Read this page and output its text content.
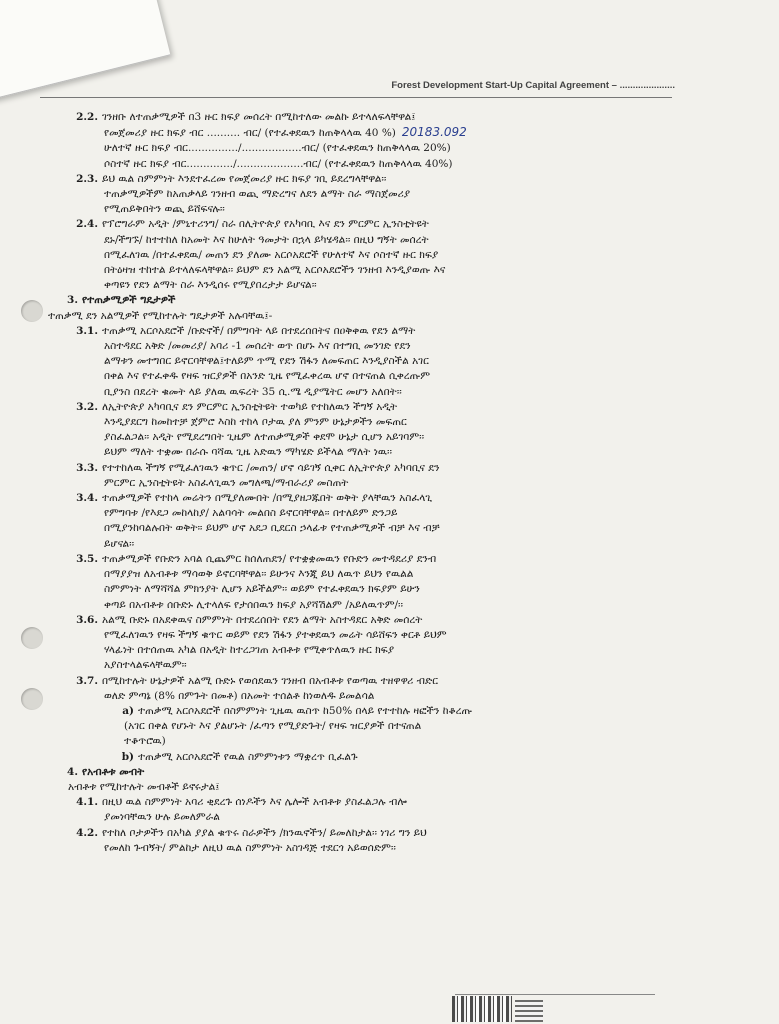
Forest Development Start-Up Capital Agreement – .....................
2.2. ገንዘቡ ለተጠቃሚዎች በ3 ዙር ክፍያ መሰረት በሚከተለው መልኩ ይተላለፍላቸዋል፤
የመጀመሪያ ዙር ክፍያ ብር .......... ብር/ (የተፈቀደዉን ከጠቅላላዉ 40 %) 20183.092
ሁለተኛ ዙር ክፍያ ብር.............../..................ብር/ (የተፈቀደዉን ከጠቅላላዉ 20%)
ሶስተኛ ዙር ክፍያ ብር............../....................ብር/ (የተፈቀደዉን ከጠቅላላዉ 40%)
2.3. ይህ ዉል ስምምነት እንደተፈረመ የመጀመሪያ ዙር ክፍያ ገቢ ይደረግላቸዋል፡፡
ተጠቃሚዎችም ከአጠቃላይ ገንዘብ ወጪ ማድረግና ለደን ልማት ስራ ማስጀመሪያ
የሚጠይቅበትን ወጪ ይሸፍናሉ፡፡
2.4. የፕሮግራም አዲት /ምኒተሪንግ/ ስራ በሊትዮጵያ የአካባቢ እና ደን ምርምር ኢንስቲትዩት
ደኑ/ችግኙ/ ከተተከለ ከአመት እና ከሁለት ዓመታት በኋላ ይካሄዳል፡፡ በዚህ ግኝት መሰረት
በሚፈለገዉ /በተፈቀደዉ/ መጠን ደን ያለሙ አርሶአደሮች የሁለተኛ እና ሶስተኛ ዙር ክፍያ
በትዕዛዝ ተከተል ይተላለፍላቸዋል፡፡ ይህም ደን አልሚ አርሶአደሮችን ገንዘብ እንዲያወጡ እና
ቀጣዩን የደን ልማት ስራ እንዲሰሩ የሚያበረታታ ይሆናል፡፡
3. የተጠቃሚዎች ግዴታዎች
ተጠቃሚ ደን አልሚዎች የሚከተሉት ግዴታዎች አሉባቸዉ፤-
3.1. ተጠቃሚ አርሶአደሮች /ቡድኖች/ በምግባት ላይ በተደረሰበትና በዐቅቀዉ የደን ልማት
አስተዳደር አቅድ /መመሪያ/ አባሪ -1 መሰረት ወጥ በሆኑ እና በተግቢ መንገድ የደን
ልማቱን መተግበር ይኖርባቸዋል፤ተለይም ጥሚ የደን ሽፋን ለመፍጠር እንዲያስችል አገር
በቀል እና የተፈቀዱ የዛፍ ዝርያዎች በአንድ ጊዜ የሚፈቀረዉ ሆኖ በተናጠል ሲቀረጡም
ቢያንስ በደረት ቁመት ላይ ያለዉ ዉፍረት 35 ሲ.ሜ ዲያሜትር መሆን አለበት፡፡
3.2. ለኢትዮጵያ አካባቢና ደን ምርምር ኢንስቲትዩት ተወካይ የተከለዉን ችግኝ አዲት
እንዲያደርግ ከመከተቻ ጀምሮ እስከ ተከላ ቦታዉ ያለ ምንም ሁኔታዎችን መፍጠር
ያስፈልጋል፡፡ አዲት የሚደረግበት ጊዜም ለተጠቃሚዎች ቀደሞ ሁኔታ ሲሆን አይገባም፡፡
ይህም ማለት ተቋሙ በራሱ ባሻዉ ጊዜ አድዉን ማካሄድ ይችላል ማለት ነዉ፡፡
3.3. የተተከለዉ ችግኝ የሚፈለገዉን ቁጥር /መጠን/ ሆኖ ሳይገኝ ሲቀር ለኢትዮጵያ አካባቢና ደን
ምርምር ኢንስቲትዩት አስፈላጊዉን መግለጫ/ማብራሪያ መስጠት
3.4. ተጠቃሚዎች የተከላ መሬትን በሚያለሙበት /በሚያዘጋጁበት ወቅት ያላቸዉን አስፈላጊ
የምግባቱ /የእደጋ መከላከያ/ አልባሳት መልበስ ይኖርባቸዋል፡፡ በተለይም ድንጋይ
በሚያንከባልሉበት ወቅት፡፡ ይህም ሆኖ አደጋ ቢደርስ ኃላፊቱ የተጠቃሚዎች ብቻ እና ብቻ
ይሆናል፡፡
3.5. ተጠቃሚዎች የቡድን አባል ሲጨምር ከሰለጠደን/ የተቋቋመዉን የቡድን መተዳደሪያ ደንብ
በማያያዝ ለአብቶቱ ማሳወቅ ይኖርባቸዋል፡፡ ይሁንና እንጂ ይህ ለዉጥ ይህን የዉልል
ስምምነት ለማሻሻል ምክንያት ሊሆን አይችልም፡፡ ወይም የተፈቀደዉን ክፍያም ይሁን
ቀጣይ በአብቶቱ ሰቡድኑ ሊተላለፍ የታሰበዉን ክፍያ አያሻሽልም /አይለዉጥም/፡፡
3.6. አልሚ ቡድኑ በአደቀዉና ስምምነት በተደረሰበት የደን ልማት አስተዳደር አቅድ መሰረት
የሚፈለገዉን የዛፍ ችግኝ ቁጥር ወይም የደን ሽፋን ያተቀደዉን መሬት ሳይሸፍን ቀርቶ ይህም
ሃላፊነት በተሰጠዉ አካል በአዲት ከተረጋገጠ አብቶቱ የሚቀጥለዉን ዙር ክፍያ
አያስተላልፍላቸዉም፡፡
3.7. በሚከተሉት ሁኔታዎች አልሚ ቡድኑ የወሰደዉን ገንዘብ በአብቶቱ የወጣዉ ተዘዋዋሪ ብድር
ወለድ ምጣኔ (8% በምጉት በመቶ) በአመት ተሰልቶ ከነወለዱ ይመልሳል
a) ተጠቃሚ አርሶአደሮች በስምምነት ጊዜዉ ዉስጥ ከ50% በላይ የተተከሉ ዛፎችን ከቆረጡ
(አገር በቀል የሆኑት እና ያልሆኑት /ፈጣን የሚያድጉት/ የዛፍ ዝርያዎች በተናጠል
ተቆጥሮዉ)
b) ተጠቃሚ አርሶአደሮች የዉል ስምምነቱን ማቋረጥ ቢፈልጉ
4. የአብቶቱ መብት
አብቶቱ የሚከተሉት መብቶች ይኖሩታል፤
4.1. በዚህ ዉል ስምምነት አባሪ ቂደረጉ ሰነዶችን እና ሌሎች አብቶቱ ያስፈልጋሉ ብሎ
ያመነባቸዉን ሁሉ ይመለምራል
4.2. የተከለ ቦታዎችን በአካል ያያል ቁጥሩ ስራዎችን /ክንዉኖችን/ ይመለከታል፡፡ ነገሪ ግን ይህ
የመለከ ጉብኝት/ ምልከታ ለዚህ ዉል ስምምነት አስገዳጅ ተደርጎ አይወሰድም፡፡
